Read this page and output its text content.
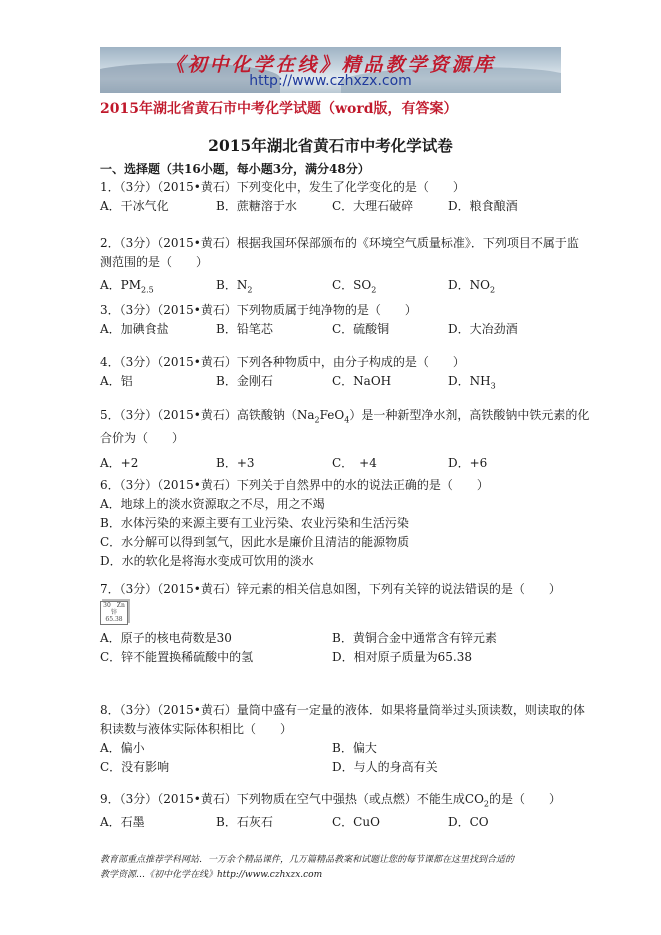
《初中化学在线》精品教学资源库
http://www.czhxzx.com
2015年湖北省黄石市中考化学试题（word版，有答案）
2015年湖北省黄石市中考化学试卷
一、选择题（共16小题，每小题3分，满分48分）
1．（3分）（2015•黄石）下列变化中，发生了化学变化的是（　　）
A．干冰气化	B．蔗糖溶于水	C．大理石破碎	D．粮食酿酒
2．（3分）（2015•黄石）根据我国环保部颁布的《环境空气质量标准》．下列项目不属于监
测范围的是（　　）
A．$PM_{2.5}$	B．$N_2$	C．$SO_2$	D．$NO_2$
3．（3分）（2015•黄石）下列物质属于纯净物的是（　　）
A．加碘食盐	B．铅笔芯	C．硫酸铜	D．大冶劲酒
4．（3分）（2015•黄石）下列各种物质中，由分子构成的是（　　）
A．铝	B．金刚石	C．NaOH	D．$NH_3$
5．（3分）（2015•黄石）高铁酸钠$(Na_2FeO_4)$是一种新型净水剂，高铁酸钠中铁元素的化
合价为（　　）
A．+2	B．+3	C．　+4	D．+6
6．（3分）（2015•黄石）下列关于自然界中的水的说法正确的是（　　）
A．地球上的淡水资源取之不尽，用之不竭
B．水体污染的来源主要有工业污染、农业污染和生活污染
C．水分解可以得到氢气，因此水是廉价且清洁的能源物质
D．水的软化是将海水变成可饮用的淡水
7．（3分）（2015•黄石）锌元素的相关信息如图，下列有关锌的说法错误的是（　　）
30　Zn
锌
65.38
A．原子的核电荷数是30	B．黄铜合金中通常含有锌元素
C．锌不能置换稀硫酸中的氢	D．相对原子质量为65.38
8．（3分）（2015•黄石）量筒中盛有一定量的液体．如果将量筒举过头顶读数，则读取的体
积读数与液体实际体积相比（　　）
A．偏小	B．偏大
C．没有影响	D．与人的身高有关
9．（3分）（2015•黄石）下列物质在空气中强热（或点燃）不能生成$CO_2$的是（　　）
A．石墨	B．石灰石	C．CuO	D．CO
教育部重点推荐学科网站．一万余个精品课件，几万篇精品教案和试题让您的每节课都在这里找到合适的
教学资源…《初中化学在线》http://www.czhxzx.com
